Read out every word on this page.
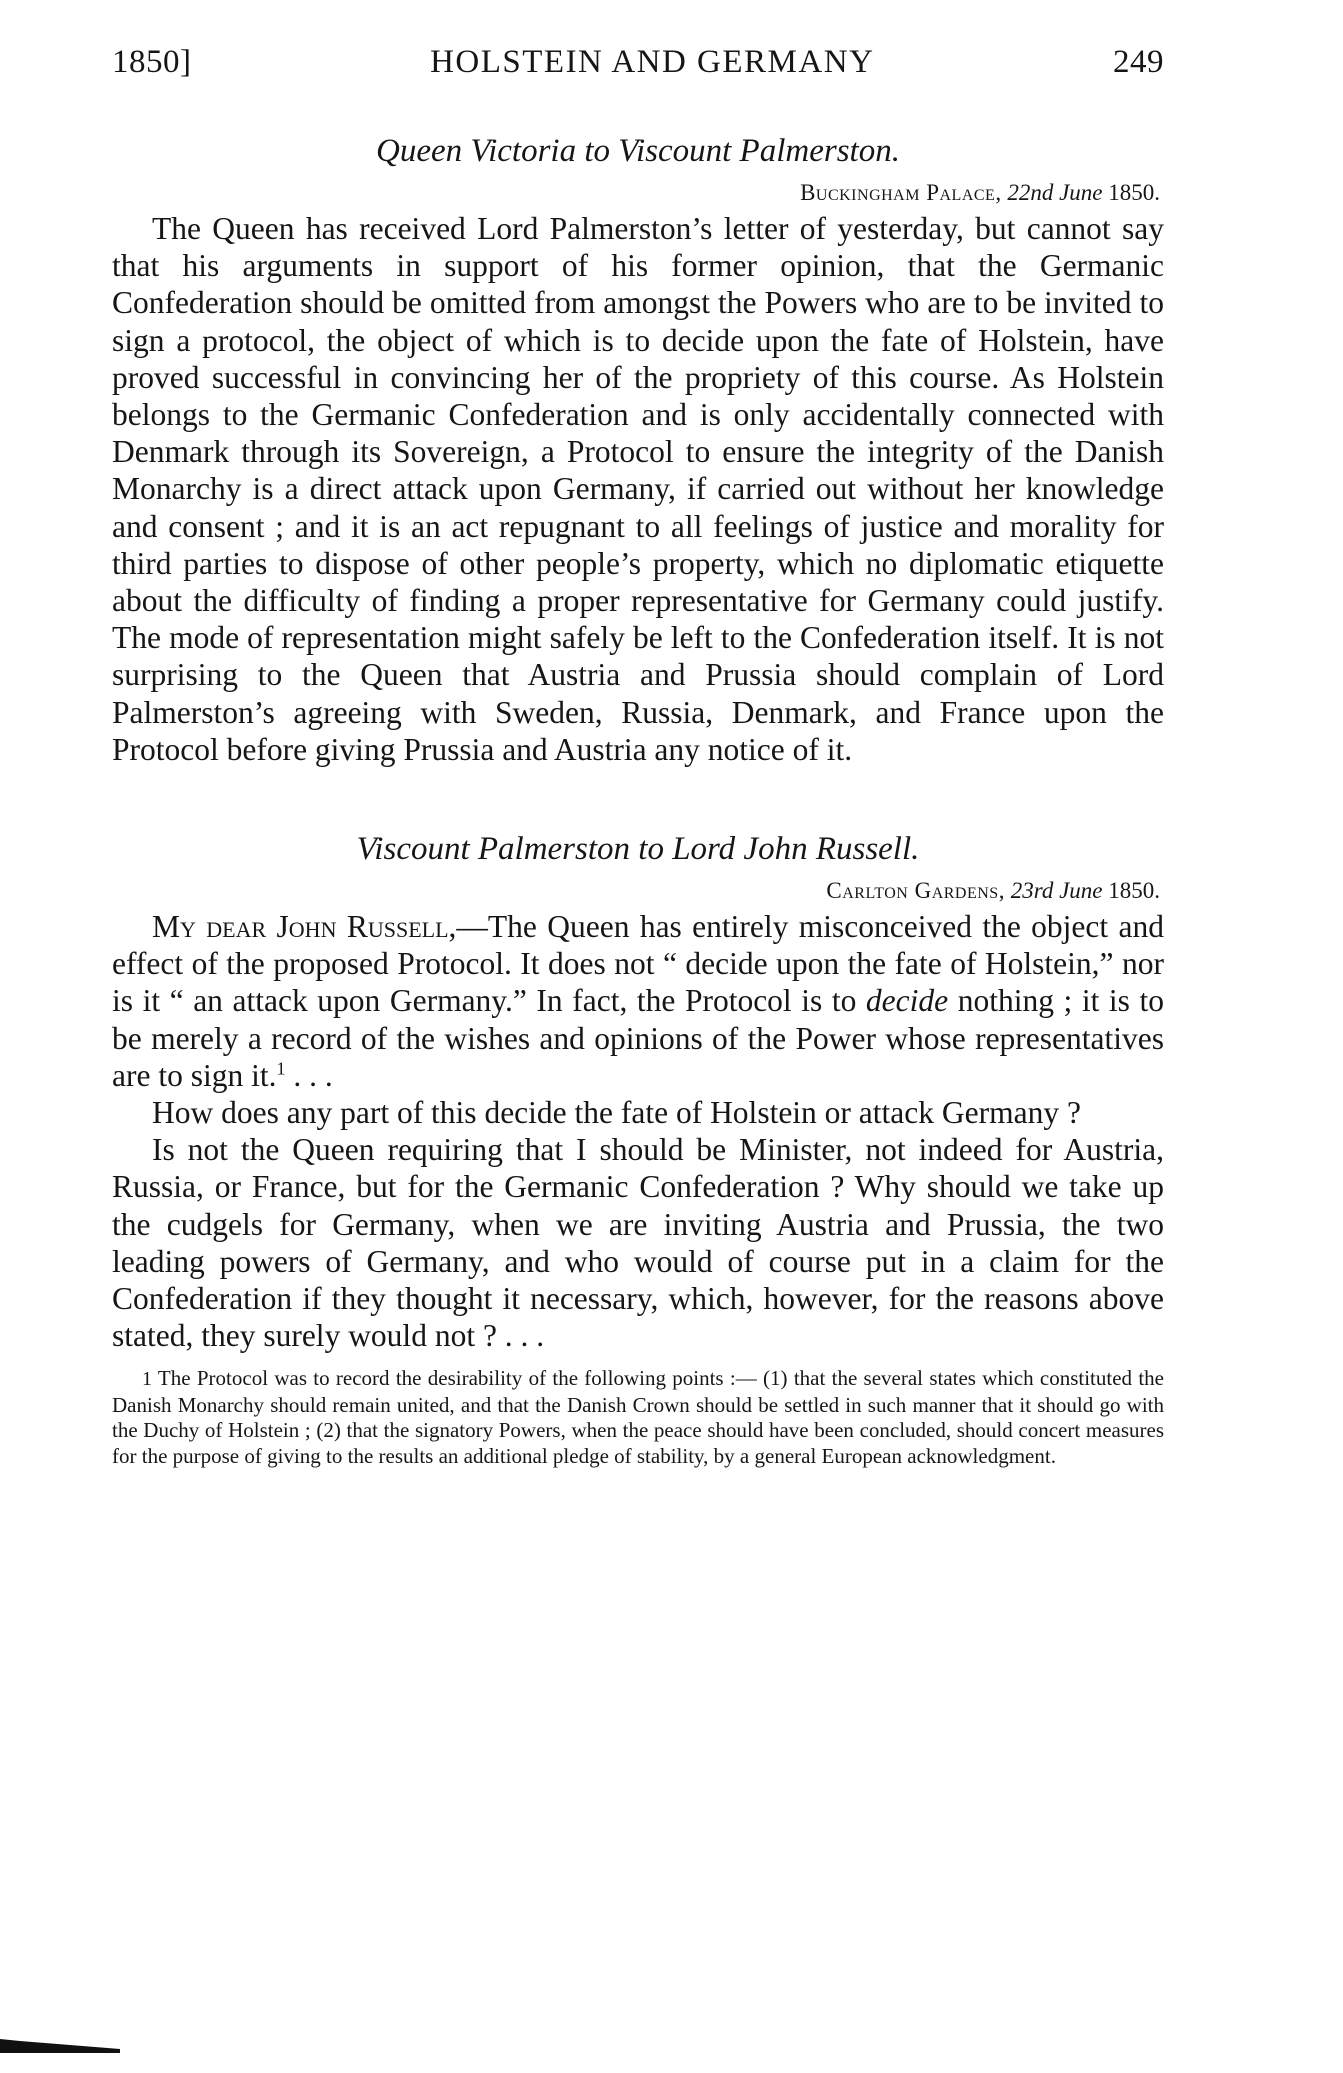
1850]	HOLSTEIN AND GERMANY	249
Queen Victoria to Viscount Palmerston.
Buckingham Palace, 22nd June 1850.

The Queen has received Lord Palmerston’s letter of yesterday, but cannot say that his arguments in support of his former opinion, that the Germanic Confederation should be omitted from amongst the Powers who are to be invited to sign a protocol, the object of which is to decide upon the fate of Holstein, have proved successful in convincing her of the propriety of this course. As Holstein belongs to the Germanic Confederation and is only accidentally connected with Denmark through its Sovereign, a Protocol to ensure the integrity of the Danish Monarchy is a direct attack upon Germany, if carried out without her knowledge and consent ; and it is an act repugnant to all feelings of justice and morality for third parties to dispose of other people’s property, which no diplomatic etiquette about the difficulty of finding a proper representative for Germany could justify. The mode of representation might safely be left to the Confederation itself. It is not surprising to the Queen that Austria and Prussia should complain of Lord Palmerston’s agreeing with Sweden, Russia, Denmark, and France upon the Protocol before giving Prussia and Austria any notice of it.

Viscount Palmerston to Lord John Russell.
Carlton Gardens, 23rd June 1850.

My dear John Russell,—The Queen has entirely misconceived the object and effect of the proposed Protocol. It does not “ decide upon the fate of Holstein,” nor is it “ an attack upon Germany.” In fact, the Protocol is to decide nothing ; it is to be merely a record of the wishes and opinions of the Power whose representatives are to sign it.$^1$ . . .

How does any part of this decide the fate of Holstein or attack Germany ?

Is not the Queen requiring that I should be Minister, not indeed for Austria, Russia, or France, but for the Germanic Confederation ? Why should we take up the cudgels for Germany, when we are inviting Austria and Prussia, the two leading powers of Germany, and who would of course put in a claim for the Confederation if they thought it necessary, which, however, for the reasons above stated, they surely would not ? . . .

1 The Protocol was to record the desirability of the following points :— (1) that the several states which constituted the Danish Monarchy should remain united, and that the Danish Crown should be settled in such manner that it should go with the Duchy of Holstein ; (2) that the signatory Powers, when the peace should have been concluded, should concert measures for the purpose of giving to the results an additional pledge of stability, by a general European acknowledgment.
